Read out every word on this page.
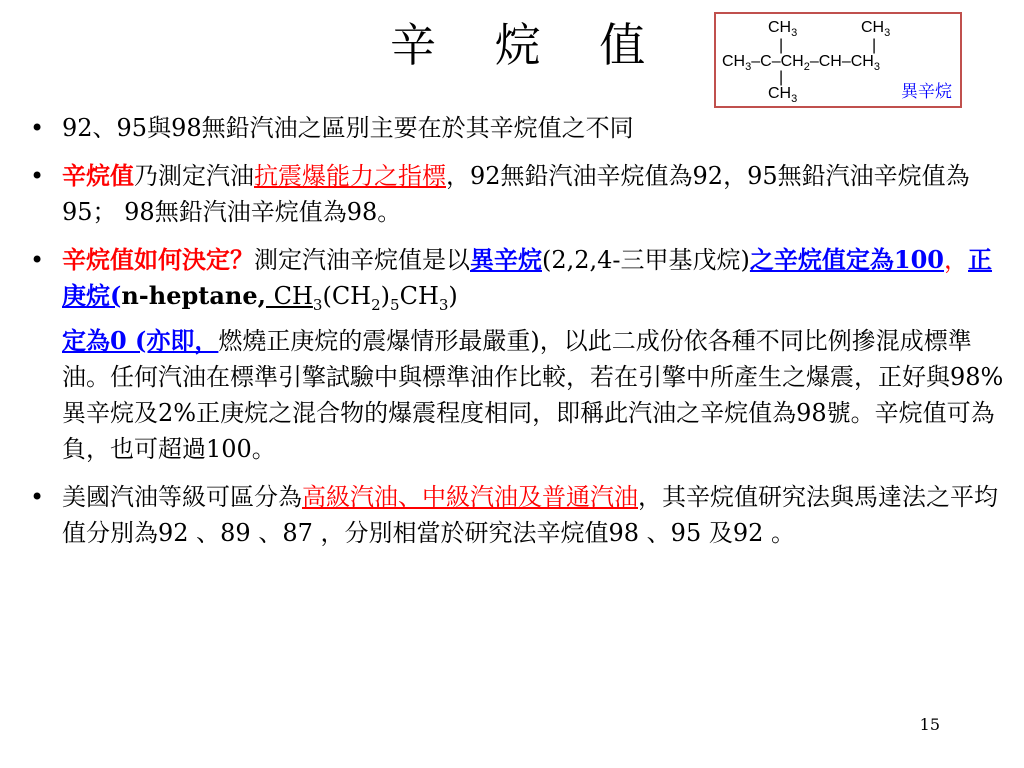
辛 烷 值	$CH_3$	$CH_3$
|	|
$CH_3-C-CH_2-CH-CH_3$
|
$CH_3$	異辛烷
• 92、95與98無鉛汽油之區別主要在於其辛烷值之不同
• 辛烷值乃測定汽油抗震爆能力之指標，92無鉛汽油辛烷值為92，95無鉛汽油辛烷值為95； 98無鉛汽油辛烷值為98。
• 辛烷值如何決定？測定汽油辛烷值是以異辛烷(2,2,4-三甲基戊烷)之辛烷值定為100，正庚烷(n-heptane, $CH_3(CH_2)_5CH_3$)
定為0 (亦即，燃燒正庚烷的震爆情形最嚴重)，以此二成份依各種不同比例摻混成標準油。任何汽油在標準引擎試驗中與標準油作比較，若在引擎中所產生之爆震，正好與98%異辛烷及2%正庚烷之混合物的爆震程度相同，即稱此汽油之辛烷值為98號。辛烷值可為負，也可超過100。
• 美國汽油等級可區分為高級汽油、中級汽油及普通汽油，其辛烷值研究法與馬達法之平均值分別為92 、89 、87 ，分別相當於研究法辛烷值98 、95 及92 。
15
